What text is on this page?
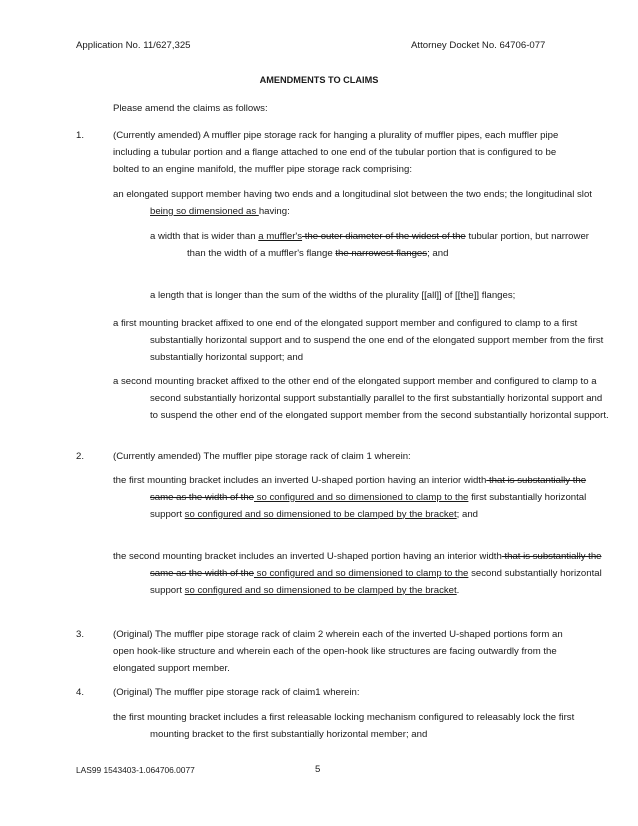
Application No. 11/627,325	Attorney Docket No. 64706-077
AMENDMENTS TO CLAIMS
Please amend the claims as follows:
1.	(Currently amended) A muffler pipe storage rack for hanging a plurality of muffler pipes, each muffler pipe including a tubular portion and a flange attached to one end of the tubular portion that is configured to be bolted to an engine manifold, the muffler pipe storage rack comprising:
an elongated support member having two ends and a longitudinal slot between the two ends; the longitudinal slot being so dimensioned as having:
a width that is wider than a muffler's the outer diameter of the widest of the tubular portion, but narrower than the width of a muffler's flange the narrowest flanges; and
a length that is longer than the sum of the widths of the plurality [[all]] of [[the]] flanges;
a first mounting bracket affixed to one end of the elongated support member and configured to clamp to a first substantially horizontal support and to suspend the one end of the elongated support member from the first substantially horizontal support; and
a second mounting bracket affixed to the other end of the elongated support member and configured to clamp to a second substantially horizontal support substantially parallel to the first substantially horizontal support and to suspend the other end of the elongated support member from the second substantially horizontal support.
2.	(Currently amended) The muffler pipe storage rack of claim 1 wherein:
the first mounting bracket includes an inverted U-shaped portion having an interior width that is substantially the same as the width of the so configured and so dimensioned to clamp to the first substantially horizontal support so configured and so dimensioned to be clamped by the bracket; and
the second mounting bracket includes an inverted U-shaped portion having an interior width that is substantially the same as the width of the so configured and so dimensioned to clamp to the second substantially horizontal support so configured and so dimensioned to be clamped by the bracket.
3.	(Original) The muffler pipe storage rack of claim 2 wherein each of the inverted U-shaped portions form an open hook-like structure and wherein each of the open-hook like structures are facing outwardly from the elongated support member.
4.	(Original) The muffler pipe storage rack of claim1 wherein:
the first mounting bracket includes a first releasable locking mechanism configured to releasably lock the first mounting bracket to the first substantially horizontal member; and
LAS99 1543403-1.064706.0077	5
